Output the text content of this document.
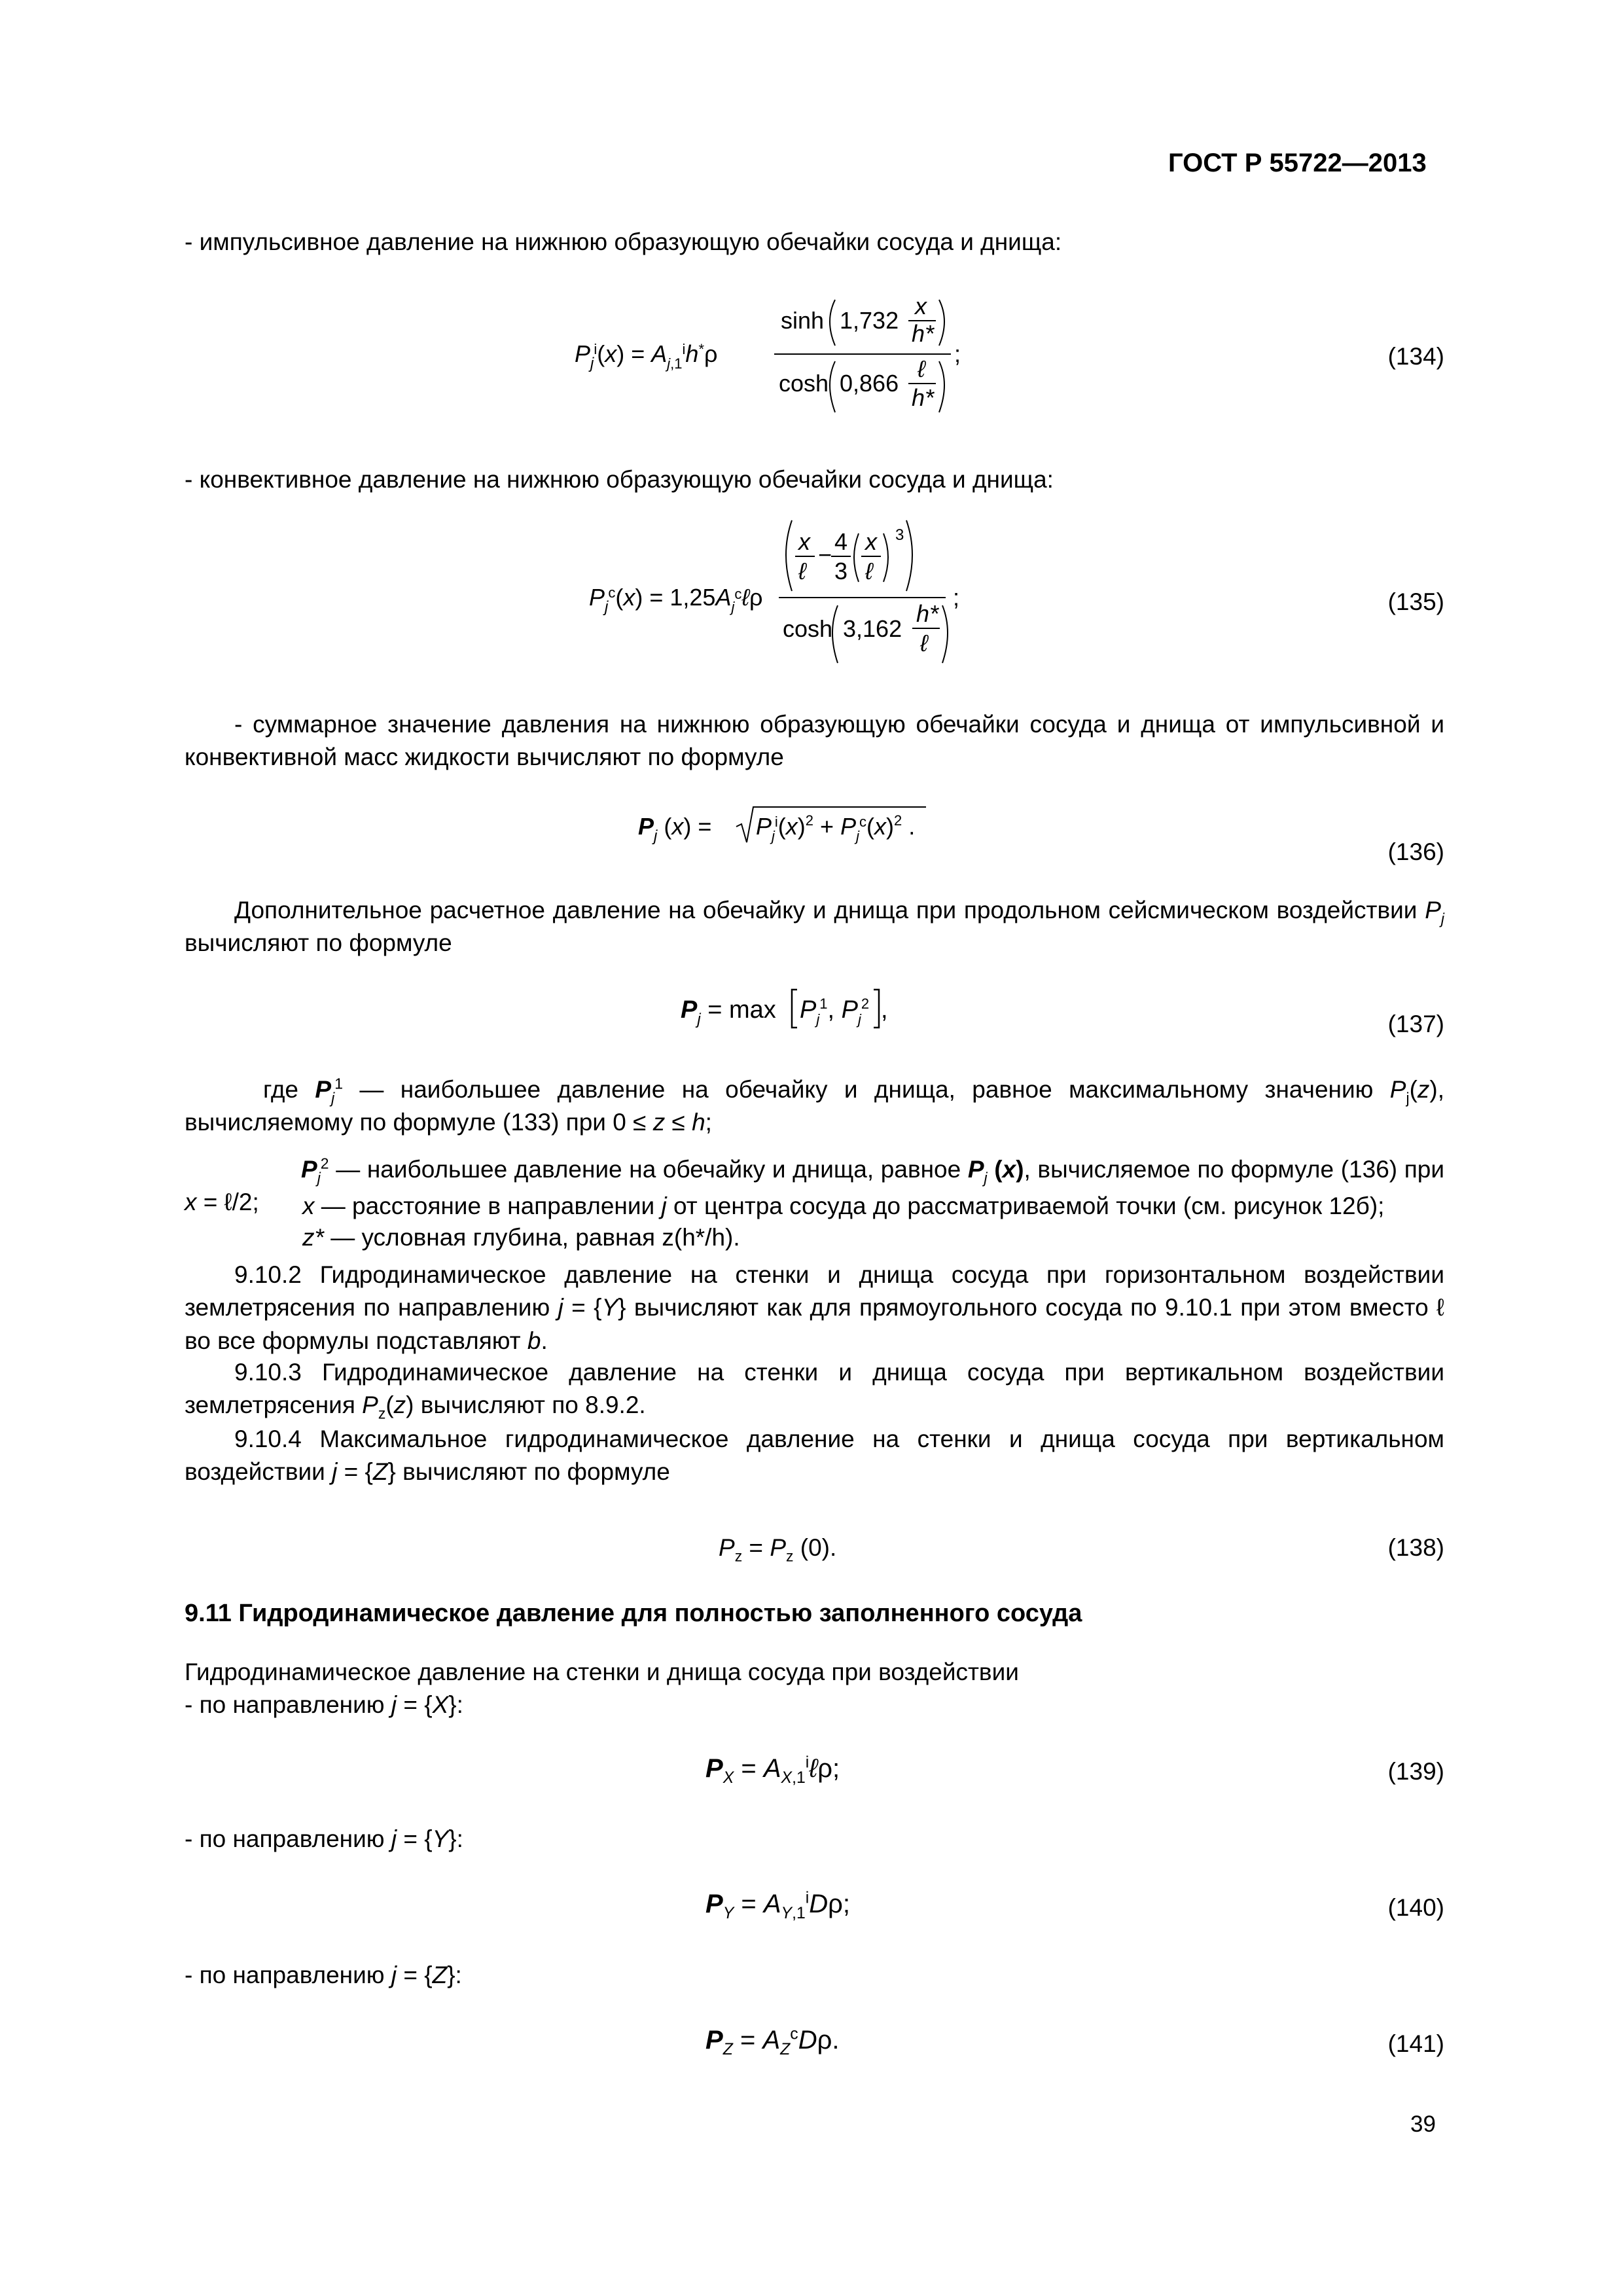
ГОСТ Р 55722—2013
- импульсивное давление на нижнюю образующую обечайки сосуда и днища:
$P_j^i(x) = A_j,1^ih^*\rho$
sinh 1,732
x
h*
cosh 0,866
ℓ
h*
;	(134)
- конвективное давление на нижнюю образующую обечайки сосуда и днища:
$P_j^c(x)$ = $1,25A_j^c\ell\rho$
x
ℓ
− 4
3
x
ℓ
3
cosh 3,162
h*
ℓ
;	(135)

- суммарное значение давления на нижнюю образующую обечайки сосуда и днища от импульсивной и конвективной масс жидкости вычисляют по формуле

$P_j$ $(x) = P_j^i(x)^2 + P_j^c(x)^2$ .
(136)

Дополнительное расчетное давление на обечайку и днища при продольном сейсмическом воздействии $P_j$ вычисляют по формуле

$P_j = \max P_j^1$, $P_j^2$ ,
(137)

где $P_j^1$ — наибольшее давление на обечайку и днища, равное максимальному значению $P_j(z)$, вычисляемому по формуле (133) при 0 ≤ z ≤ h;

$P_j^2$ — наибольшее давление на обечайку и днища, равное $P_j$ (x), вычисляемое по формуле (136) при x = ℓ/2;	x — расстояние в направлении j от центра сосуда до рассматриваемой точки (см. рисунок 12б);
z* — условная глубина, равная z(h*/h).

9.10.2 Гидродинамическое давление на стенки и днища сосуда при горизонтальном воздействии землетрясения по направлению j = {Y} вычисляют как для прямоугольного сосуда по 9.10.1 при этом вместо ℓ во все формулы подставляют b.

9.10.3 Гидродинамическое давление на стенки и днища сосуда при вертикальном воздействии землетрясения $P_z(z)$ вычисляют по 8.9.2.

9.10.4 Максимальное гидродинамическое давление на стенки и днища сосуда при вертикальном воздействии j = {Z} вычисляют по формуле

$P_z = P_z$ (0).	(138)
9.11 Гидродинамическое давление для полностью заполненного сосуда
Гидродинамическое давление на стенки и днища сосуда при воздействии
- по направлению j = {X}:
$P_X$ = $A_{X,1}^i\ell\rho$;	(139)
- по направлению j = {Y}:
$P_Y = A_{Y,1}^iD\rho$;	(140)
- по направлению j = {Z}:
$P_Z = A_Z^cD\rho$.	(141)
39
